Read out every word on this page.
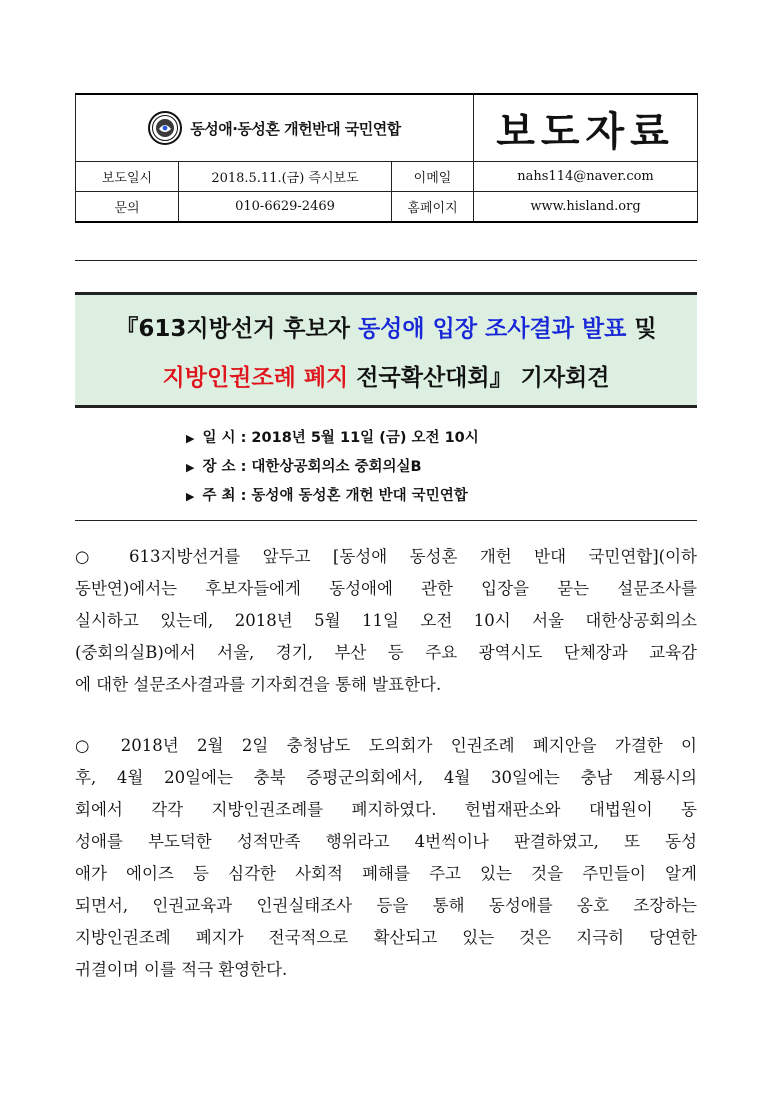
동성애·동성혼 개헌반대 국민연합			보도자료
보도일시	2018.5.11.(금) 즉시보도	이메일	nahs114@naver.com
문의	010-6629-2469	홈페이지	www.hisland.org
『613지방선거 후보자 동성애 입장 조사결과 발표 및
지방인권조례 폐지 전국확산대회』 기자회견
▶ 일 시 : 2018년 5월 11일 (금) 오전 10시
▶ 장 소 : 대한상공회의소 중회의실B
▶ 주 최 : 동성애 동성혼 개헌 반대 국민연합
○ 613지방선거를 앞두고 [동성애 동성혼 개헌 반대 국민연합](이하
동반연)에서는 후보자들에게 동성애에 관한 입장을 묻는 설문조사를
실시하고 있는데, 2018년 5월 11일 오전 10시 서울 대한상공회의소
(중회의실B)에서 서울, 경기, 부산 등 주요 광역시도 단체장과 교육감
에 대한 설문조사결과를 기자회견을 통해 발표한다.
○ 2018년 2월 2일 충청남도 도의회가 인권조례 폐지안을 가결한 이
후, 4월 20일에는 충북 증평군의회에서, 4월 30일에는 충남 계룡시의
회에서 각각 지방인권조례를 폐지하였다. 헌법재판소와 대법원이 동
성애를 부도덕한 성적만족 행위라고 4번씩이나 판결하였고, 또 동성
애가 에이즈 등 심각한 사회적 폐해를 주고 있는 것을 주민들이 알게
되면서, 인권교육과 인권실태조사 등을 통해 동성애를 옹호 조장하는
지방인권조례 폐지가 전국적으로 확산되고 있는 것은 지극히 당연한
귀결이며 이를 적극 환영한다.
